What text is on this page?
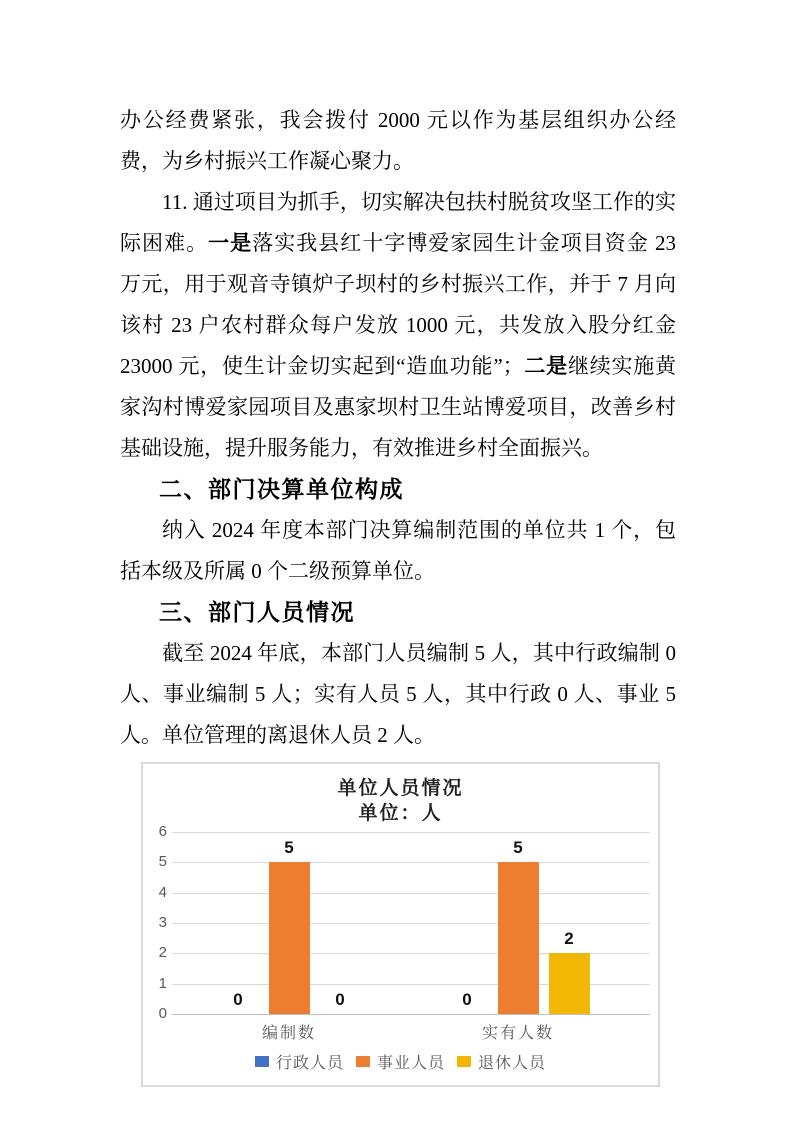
办公经费紧张，我会拨付 2000 元以作为基层组织办公经费，为乡村振兴工作凝心聚力。

11. 通过项目为抓手，切实解决包扶村脱贫攻坚工作的实际困难。一是落实我县红十字博爱家园生计金项目资金 23 万元，用于观音寺镇炉子坝村的乡村振兴工作，并于 7 月向该村 23 户农村群众每户发放 1000 元，共发放入股分红金 23000 元，使生计金切实起到“造血功能”；二是继续实施黄家沟村博爱家园项目及惠家坝村卫生站博爱项目，改善乡村基础设施，提升服务能力，有效推进乡村全面振兴。

二、部门决算单位构成

纳入 2024 年度本部门决算编制范围的单位共 1 个，包括本级及所属 0 个二级预算单位。

三、部门人员情况

截至 2024 年底，本部门人员编制 5 人，其中行政编制 0 人、事业编制 5 人；实有人员 5 人，其中行政 0 人、事业 5 人。单位管理的离退休人员 2 人。

单位人员情况
单位：人
0
1
2
3
4
5
6
0	0
5	5
0
2
编制数	实有人数
行政人员 事业人员 退休人员
